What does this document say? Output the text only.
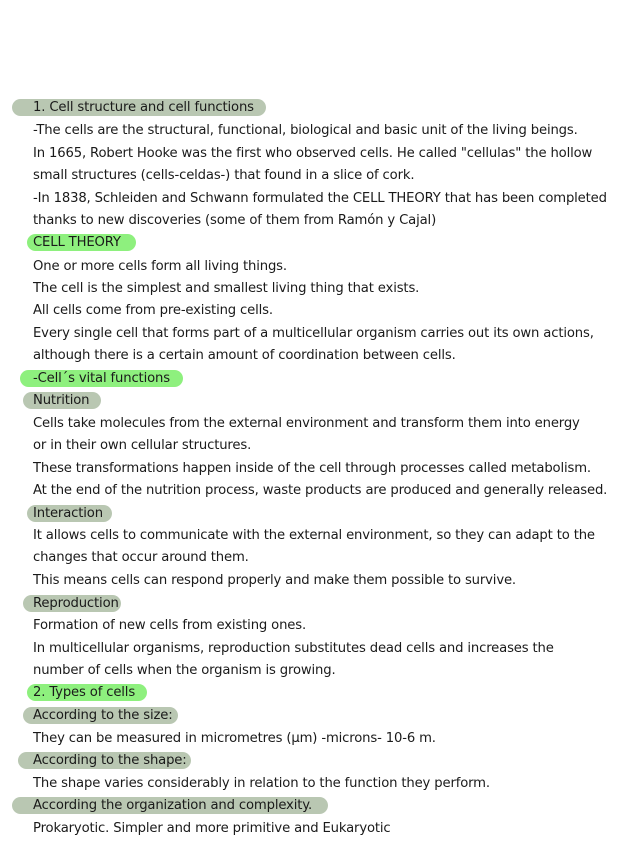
1. Cell structure and cell functions
-The cells are the structural, functional, biological and basic unit of the living beings.
In 1665, Robert Hooke was the first who observed cells. He called "cellulas" the hollow
small structures (cells-celdas-) that found in a slice of cork.
-In 1838, Schleiden and Schwann formulated the CELL THEORY that has been completed
thanks to new discoveries (some of them from Ramón y Cajal)
CELL THEORY
One or more cells form all living things.
The cell is the simplest and smallest living thing that exists.
All cells come from pre-existing cells.
Every single cell that forms part of a multicellular organism carries out its own actions,
although there is a certain amount of coordination between cells.
-Cell´s vital functions
Nutrition
Cells take molecules from the external environment and transform them into energy
or in their own cellular structures.
These transformations happen inside of the cell through processes called metabolism.
At the end of the nutrition process, waste products are produced and generally released.
Interaction
It allows cells to communicate with the external environment, so they can adapt to the
changes that occur around them.
This means cells can respond properly and make them possible to survive.
Reproduction
Formation of new cells from existing ones.
In multicellular organisms, reproduction substitutes dead cells and increases the
number of cells when the organism is growing.
2. Types of cells
According to the size:
They can be measured in micrometres (µm) -microns- 10-6 m.
According to the shape:
The shape varies considerably in relation to the function they perform.
According the organization and complexity.
Prokaryotic. Simpler and more primitive and Eukaryotic
